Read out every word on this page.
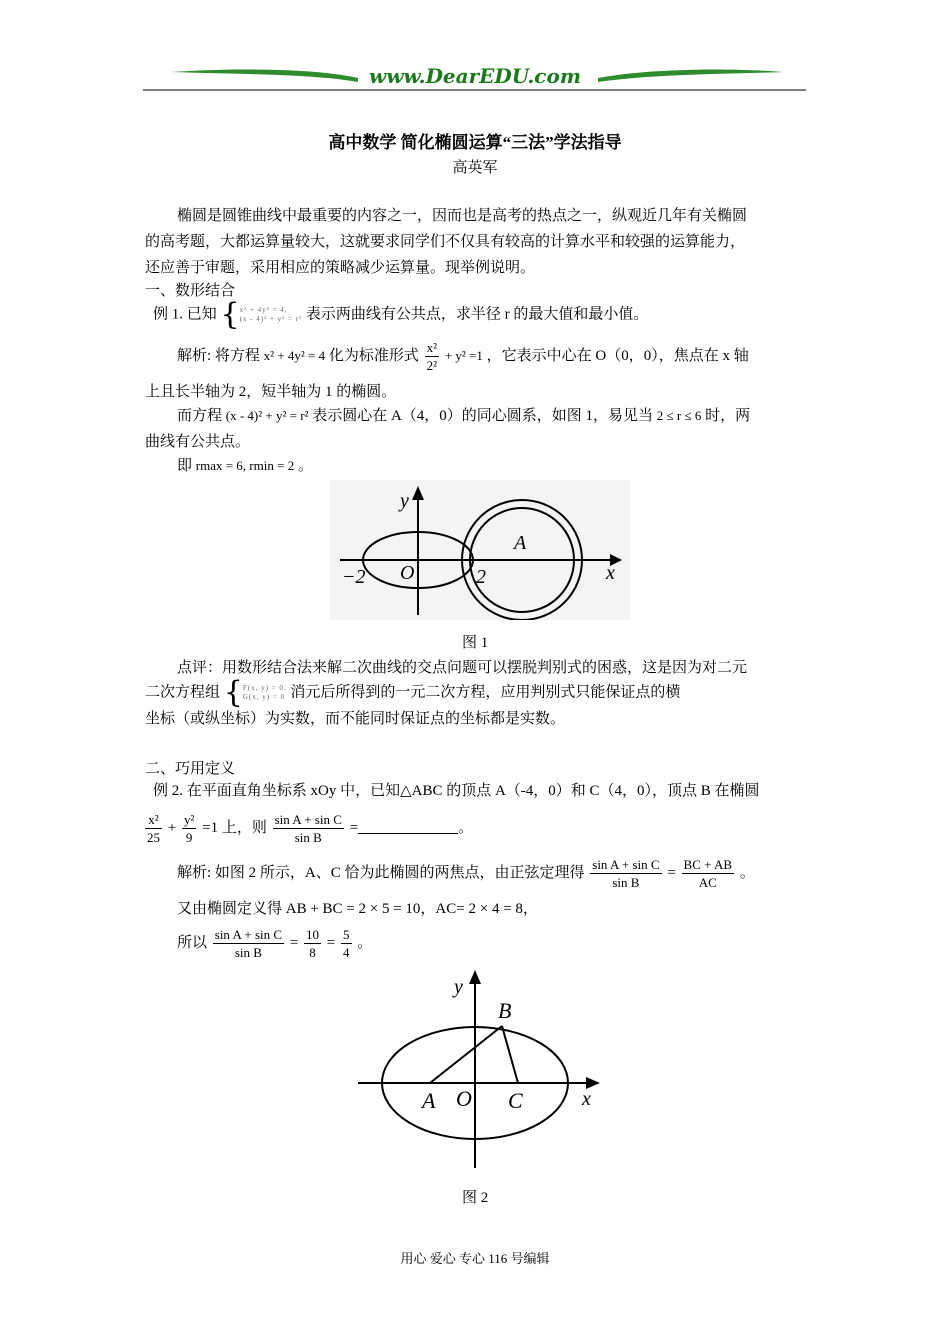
www.DearEDU.com
高中数学 简化椭圆运算“三法”学法指导
高英军
椭圆是圆锥曲线中最重要的内容之一，因而也是高考的热点之一，纵观近几年有关椭圆
的高考题，大都运算量较大，这就要求同学们不仅具有较高的计算水平和较强的运算能力，
还应善于审题，采用相应的策略减少运算量。现举例说明。
一、数形结合
例 1. 已知 { x² + 4y² = 4,
(x - 4)² + y² = r² 表示两曲线有公共点，求半径 r 的最大值和最小值。
解析: 将方程 x² + 4y² = 4 化为标准形式 $\frac{\text{x²}}{\text{2²}} + y^2 =1$ ，它表示中心在 O（0，0），焦点在 x 轴
上且长半轴为 2，短半轴为 1 的椭圆。
而方程 (x - 4)² + y² = r² 表示圆心在 A（4，0）的同心圆系，如图 1，易见当 2 ≤ r ≤ 6 时，两
曲线有公共点。
即 rmax = 6, rmin = 2 。
y
x
O
A
−2	2
图 1
点评：用数形结合法来解二次曲线的交点问题可以摆脱判别式的困惑，这是因为对二元
二次方程组 { F(x, y) = 0,
G(x, y) = 0 消元后所得到的一元二次方程，应用判别式只能保证点的横
坐标（或纵坐标）为实数，而不能同时保证点的坐标都是实数。
二、巧用定义
例 2. 在平面直角坐标系 xOy 中，已知△ABC 的顶点 A（-4，0）和 C（4，0），顶点 B 在椭圆
$\frac{\text{x²}}{25} + \frac{\text{y²}}{9} =1$ 上，则 $\frac{\text{sin A + sin C}}{\text{sin B}}$ =	。
解析: 如图 2 所示，A、C 恰为此椭圆的两焦点，由正弦定理得 $\frac{\text{sin A + sin C}}{\text{sin B}} = \frac{BC + AB}{AC}$ 。
又由椭圆定义得 AB + BC = 2 × 5 = 10，AC= 2 × 4 = 8，
所以 $\frac{\text{sin A + sin C}}{\text{sin B}} = \frac{10}{8} = \frac{5}{4}$ 。
y
x
B
A O C
图 2
用心 爱心 专心 116 号编辑
